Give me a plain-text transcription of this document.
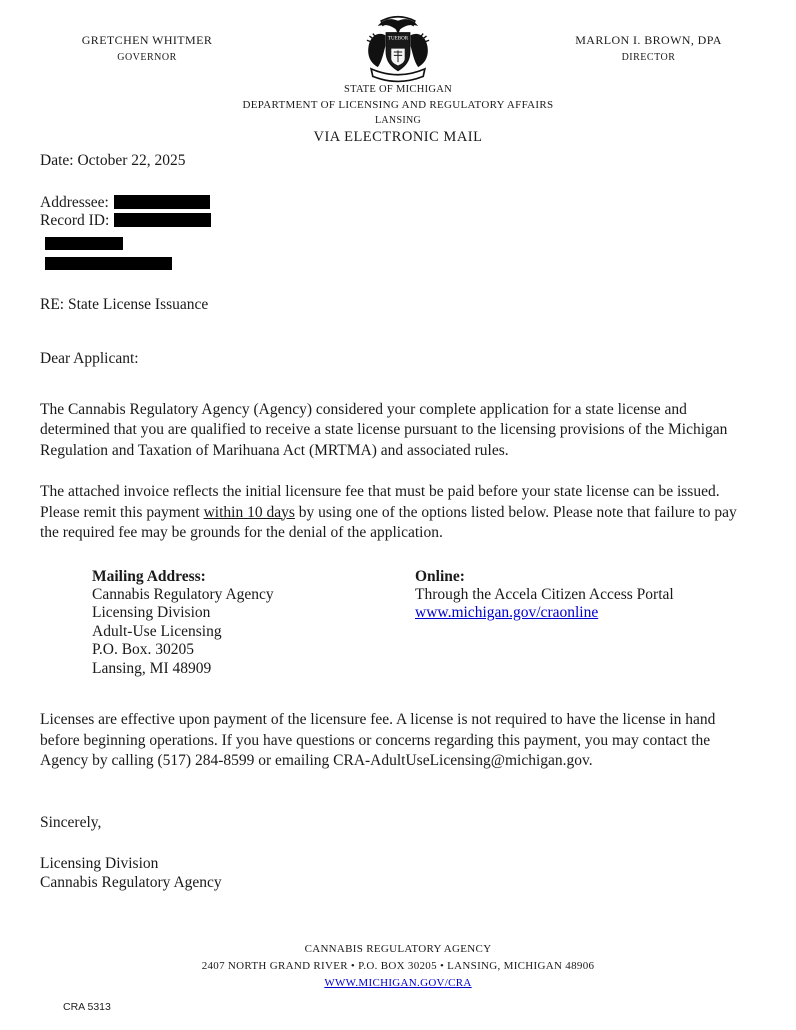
GRETCHEN WHITMER
GOVERNOR
TUEBOR	MARLON I. BROWN, DPA
DIRECTOR
STATE OF MICHIGAN
DEPARTMENT OF LICENSING AND REGULATORY AFFAIRS
LANSING
VIA ELECTRONIC MAIL
Date: October 22, 2025
Addressee:
Record ID:
RE: State License Issuance
Dear Applicant:
The Cannabis Regulatory Agency (Agency) considered your complete application for a state license and determined that you are qualified to receive a state license pursuant to the licensing provisions of the Michigan Regulation and Taxation of Marihuana Act (MRTMA) and associated rules.
The attached invoice reflects the initial licensure fee that must be paid before your state license can be issued. Please remit this payment within 10 days by using one of the options listed below. Please note that failure to pay the required fee may be grounds for the denial of the application.
Mailing Address:
Cannabis Regulatory Agency
Licensing Division
Adult-Use Licensing
P.O. Box. 30205
Lansing, MI 48909
Online:
Through the Accela Citizen Access Portal
www.michigan.gov/craonline
Licenses are effective upon payment of the licensure fee. A license is not required to have the license in hand before beginning operations. If you have questions or concerns regarding this payment, you may contact the Agency by calling (517) 284-8599 or emailing CRA-AdultUseLicensing@michigan.gov.
Sincerely,
Licensing Division
Cannabis Regulatory Agency
CANNABIS REGULATORY AGENCY
2407 NORTH GRAND RIVER • P.O. BOX 30205 • LANSING, MICHIGAN 48906
WWW.MICHIGAN.GOV/CRA
CRA 5313
